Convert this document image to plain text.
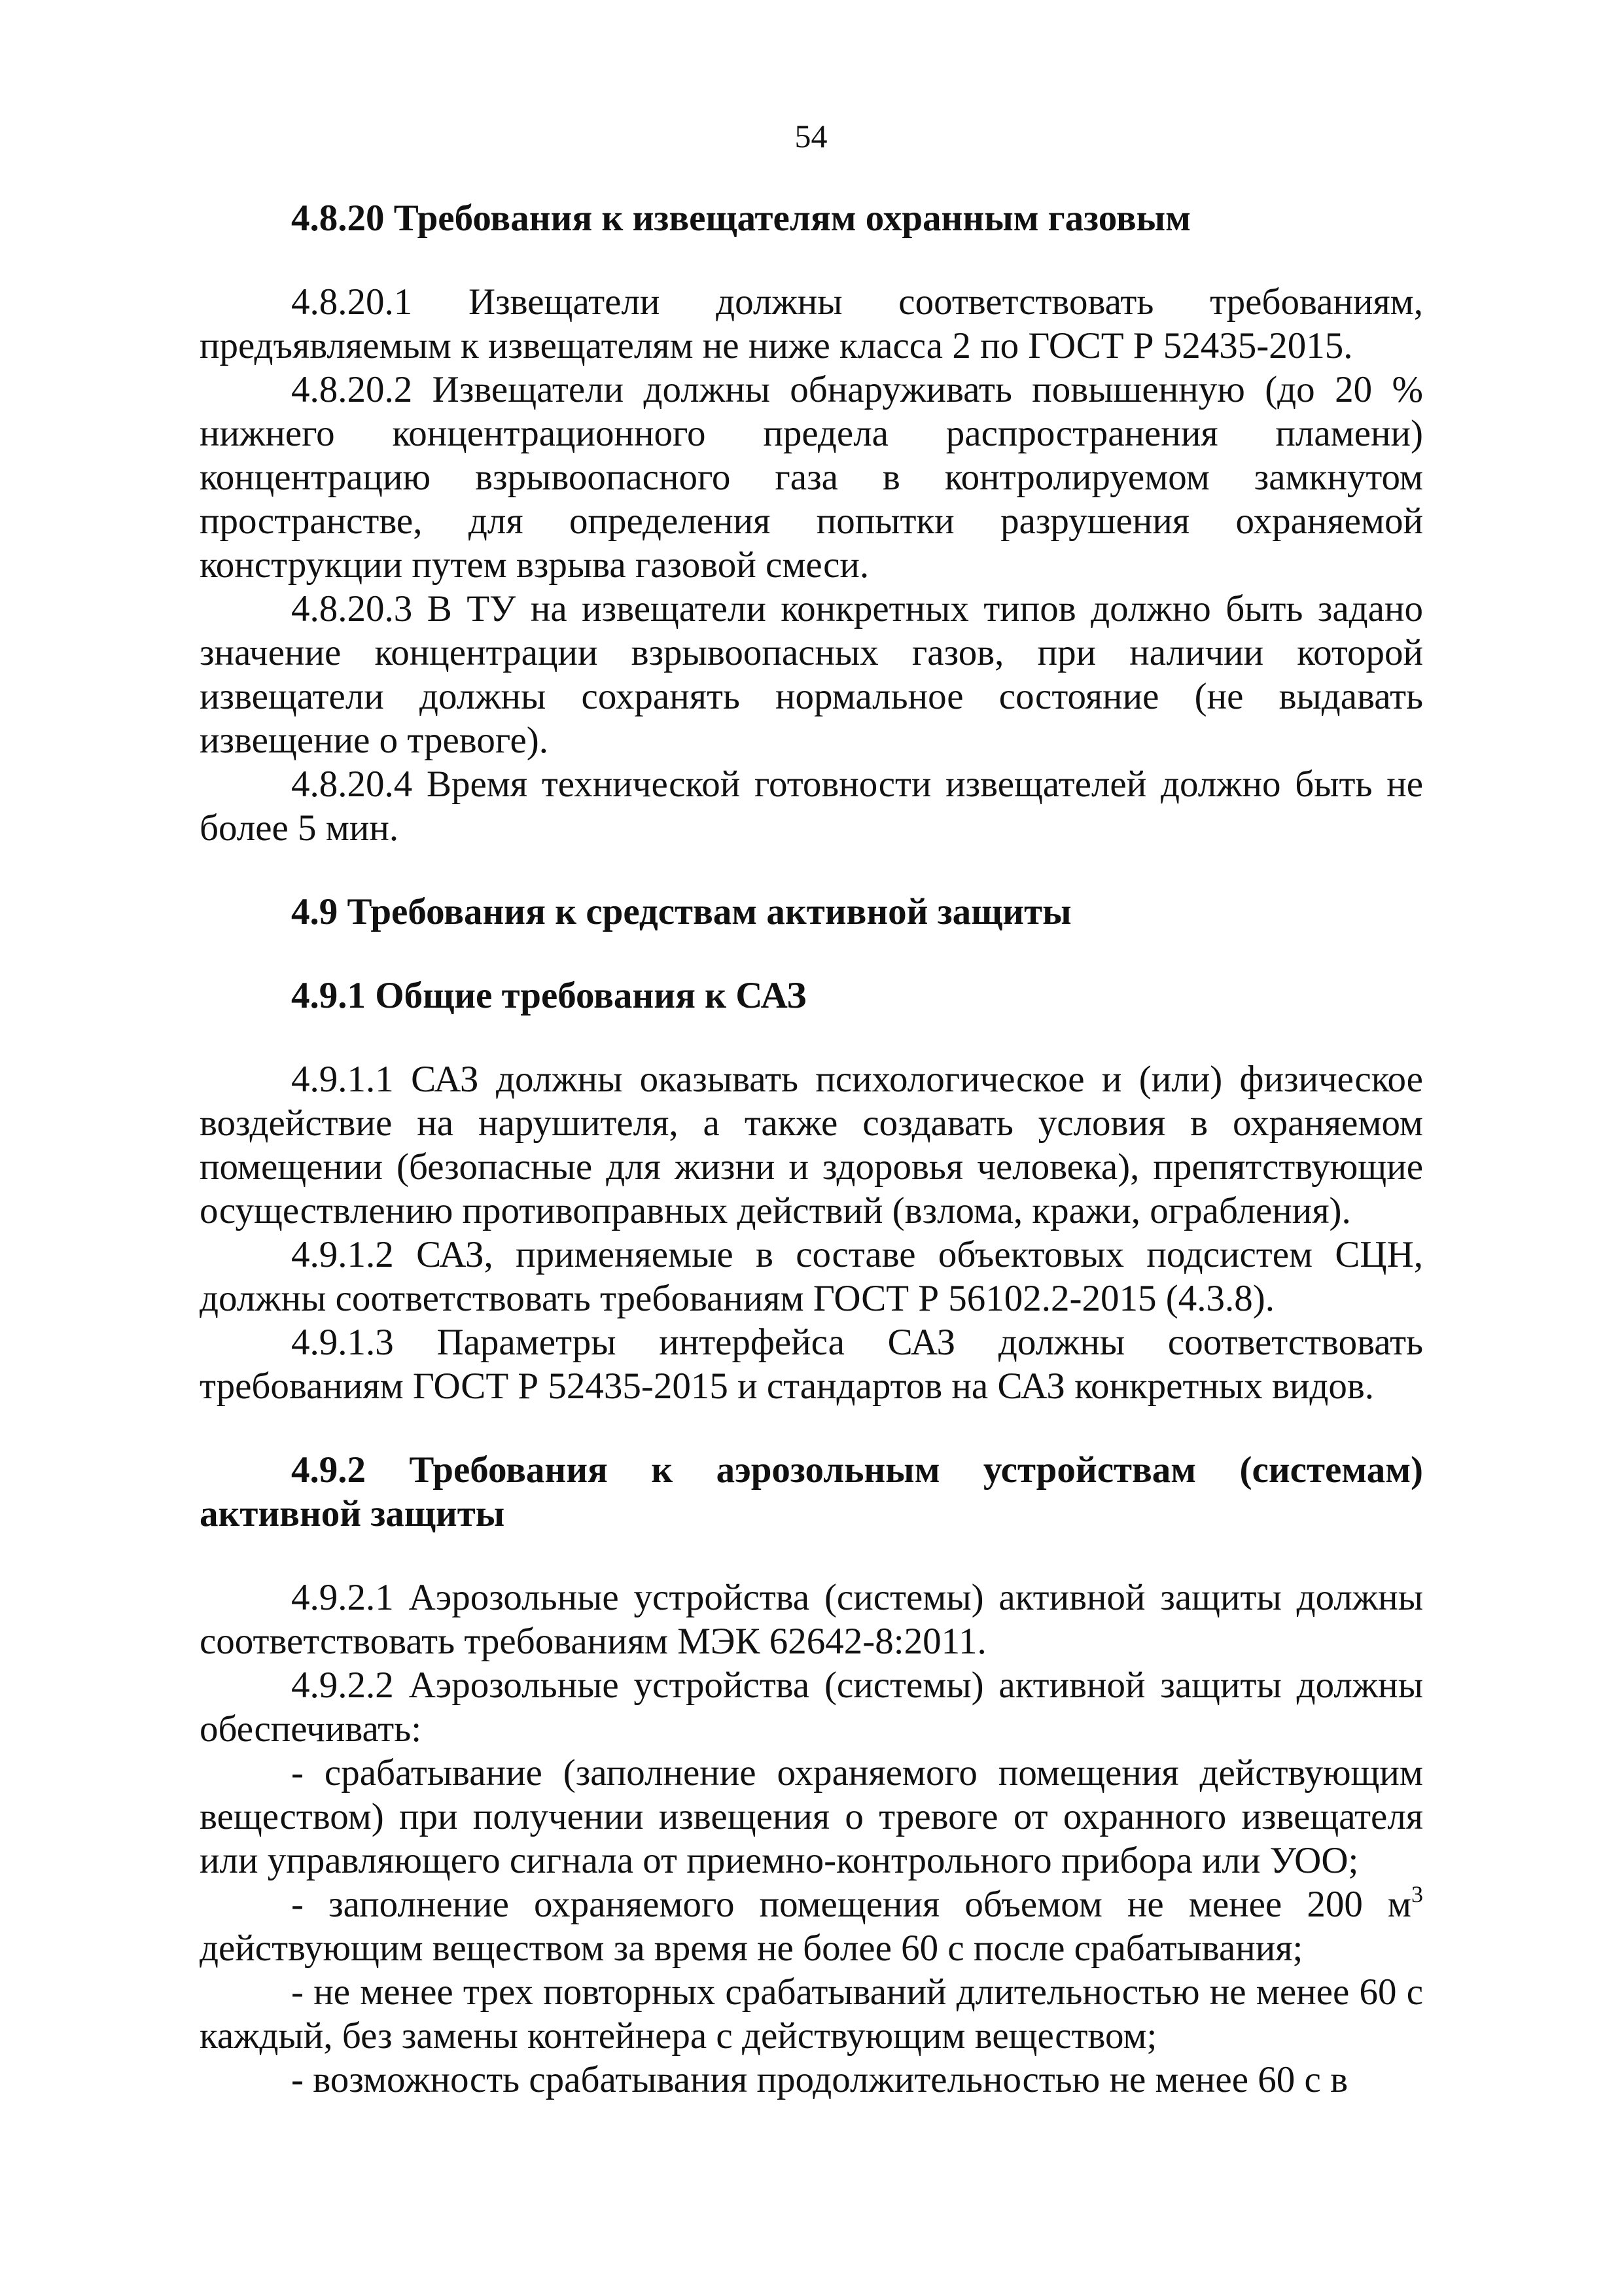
54
4.8.20 Требования к извещателям охранным газовым

4.8.20.1 Извещатели должны соответствовать требованиям, предъявляемым к извещателям не ниже класса 2 по ГОСТ Р 52435-2015.

4.8.20.2 Извещатели должны обнаруживать повышенную (до 20 % нижнего концентрационного предела распространения пламени) концентрацию взрывоопасного газа в контролируемом замкнутом пространстве, для определения попытки разрушения охраняемой конструкции путем взрыва газовой смеси.

4.8.20.3 В ТУ на извещатели конкретных типов должно быть задано значение концентрации взрывоопасных газов, при наличии которой извещатели должны сохранять нормальное состояние (не выдавать извещение о тревоге).

4.8.20.4 Время технической готовности извещателей должно быть не более 5 мин.

4.9 Требования к средствам активной защиты
4.9.1 Общие требования к САЗ

4.9.1.1 САЗ должны оказывать психологическое и (или) физическое воздействие на нарушителя, а также создавать условия в охраняемом помещении (безопасные для жизни и здоровья человека), препятствующие осуществлению противоправных действий (взлома, кражи, ограбления).

4.9.1.2 САЗ, применяемые в составе объектовых подсистем СЦН, должны соответствовать требованиям ГОСТ Р 56102.2-2015 (4.3.8).

4.9.1.3 Параметры интерфейса САЗ должны соответствовать требованиям ГОСТ Р 52435-2015 и стандартов на САЗ конкретных видов.

4.9.2 Требования к аэрозольным устройствам (системам) активной защиты

4.9.2.1 Аэрозольные устройства (системы) активной защиты должны соответствовать требованиям МЭК 62642-8:2011.

4.9.2.2 Аэрозольные устройства (системы) активной защиты должны обеспечивать:

- срабатывание (заполнение охраняемого помещения действующим веществом) при получении извещения о тревоге от охранного извещателя или управляющего сигнала от приемно-контрольного прибора или УОО;

- заполнение охраняемого помещения объемом не менее 200 $м^3$ действующим веществом за время не более 60 с после срабатывания;

- не менее трех повторных срабатываний длительностью не менее 60 с каждый, без замены контейнера с действующим веществом;

- возможность срабатывания продолжительностью не менее 60 с в
